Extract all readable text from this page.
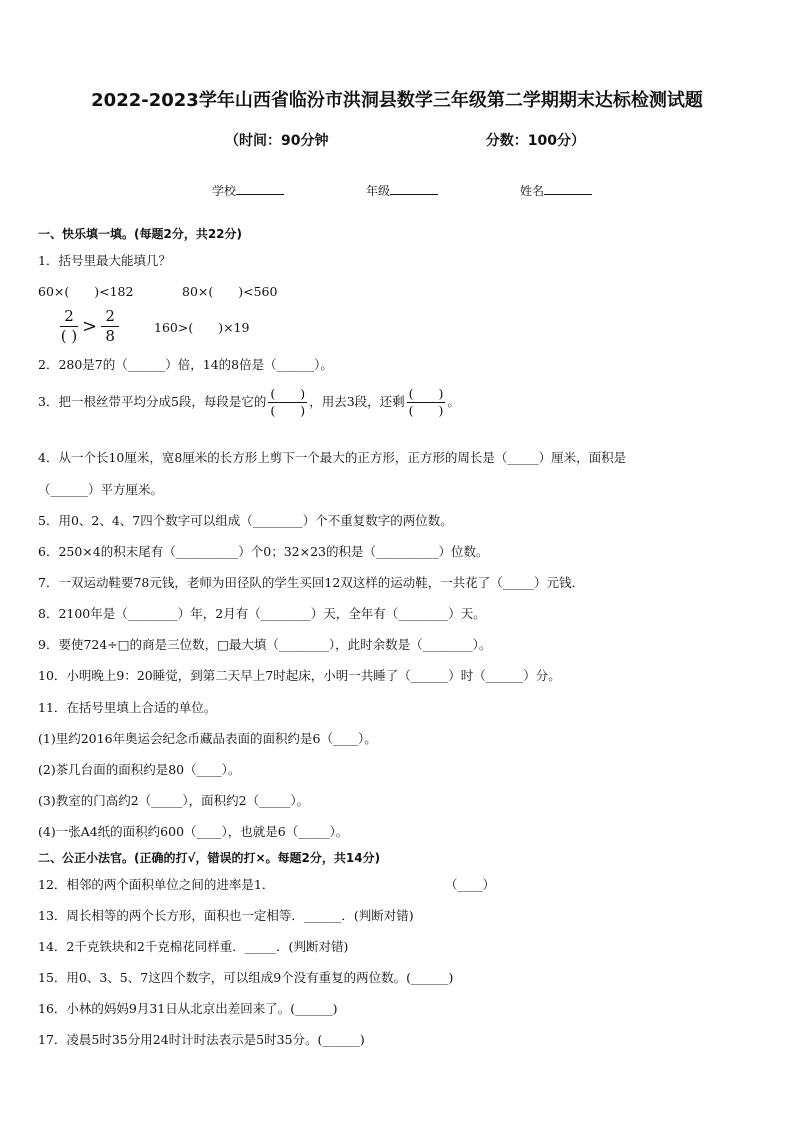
2022-2023学年山西省临汾市洪洞县数学三年级第二学期期末达标检测试题
（时间：90分钟	分数：100分）
学校	年级	姓名
一、快乐填一填。(每题2分，共22分)
1．括号里最大能填几？
60×(　　)<182	80×(　　)<560
$\frac{2}{( )} > \frac{2}{8}$	160>(　　)×19
2．280是7的（______）倍，14的8倍是（______）。
3．把一根丝带平均分成5段，每段是它的 $\frac{( )}{( )}$ ，用去3段，还剩 $\frac{( )}{( )}$ 。
4．从一个长10厘米，宽8厘米的长方形上剪下一个最大的正方形，正方形的周长是（_____）厘米，面积是
（______）平方厘米。
5．用0、2、4、7四个数字可以组成（________）个不重复数字的两位数。
6．250×4的积末尾有（__________）个0；32×23的积是（__________）位数。
7．一双运动鞋要78元钱，老师为田径队的学生买回12双这样的运动鞋，一共花了（_____）元钱．
8．2100年是（________）年，2月有（________）天，全年有（________）天。
9．要使724÷□的商是三位数，□最大填（________），此时余数是（________）。
10．小明晚上9：20睡觉，到第二天早上7时起床，小明一共睡了（______）时（______）分。
11．在括号里填上合适的单位。
(1)里约2016年奥运会纪念币藏品表面的面积约是6（____）。
(2)茶几台面的面积约是80（____）。
(3)教室的门高约2（_____），面积约2（_____）。
(4)一张A4纸的面积约600（____），也就是6（_____）。
二、公正小法官。(正确的打√，错误的打×。每题2分，共14分)
12．相邻的两个面积单位之间的进率是1．	（____）
13．周长相等的两个长方形，面积也一定相等．______．(判断对错)
14．2千克铁块和2千克棉花同样重．_____．(判断对错)
15．用0、3、5、7这四个数字，可以组成9个没有重复的两位数。(______)
16．小林的妈妈9月31日从北京出差回来了。(______)
17．凌晨5时35分用24时计时法表示是5时35分。(______)
